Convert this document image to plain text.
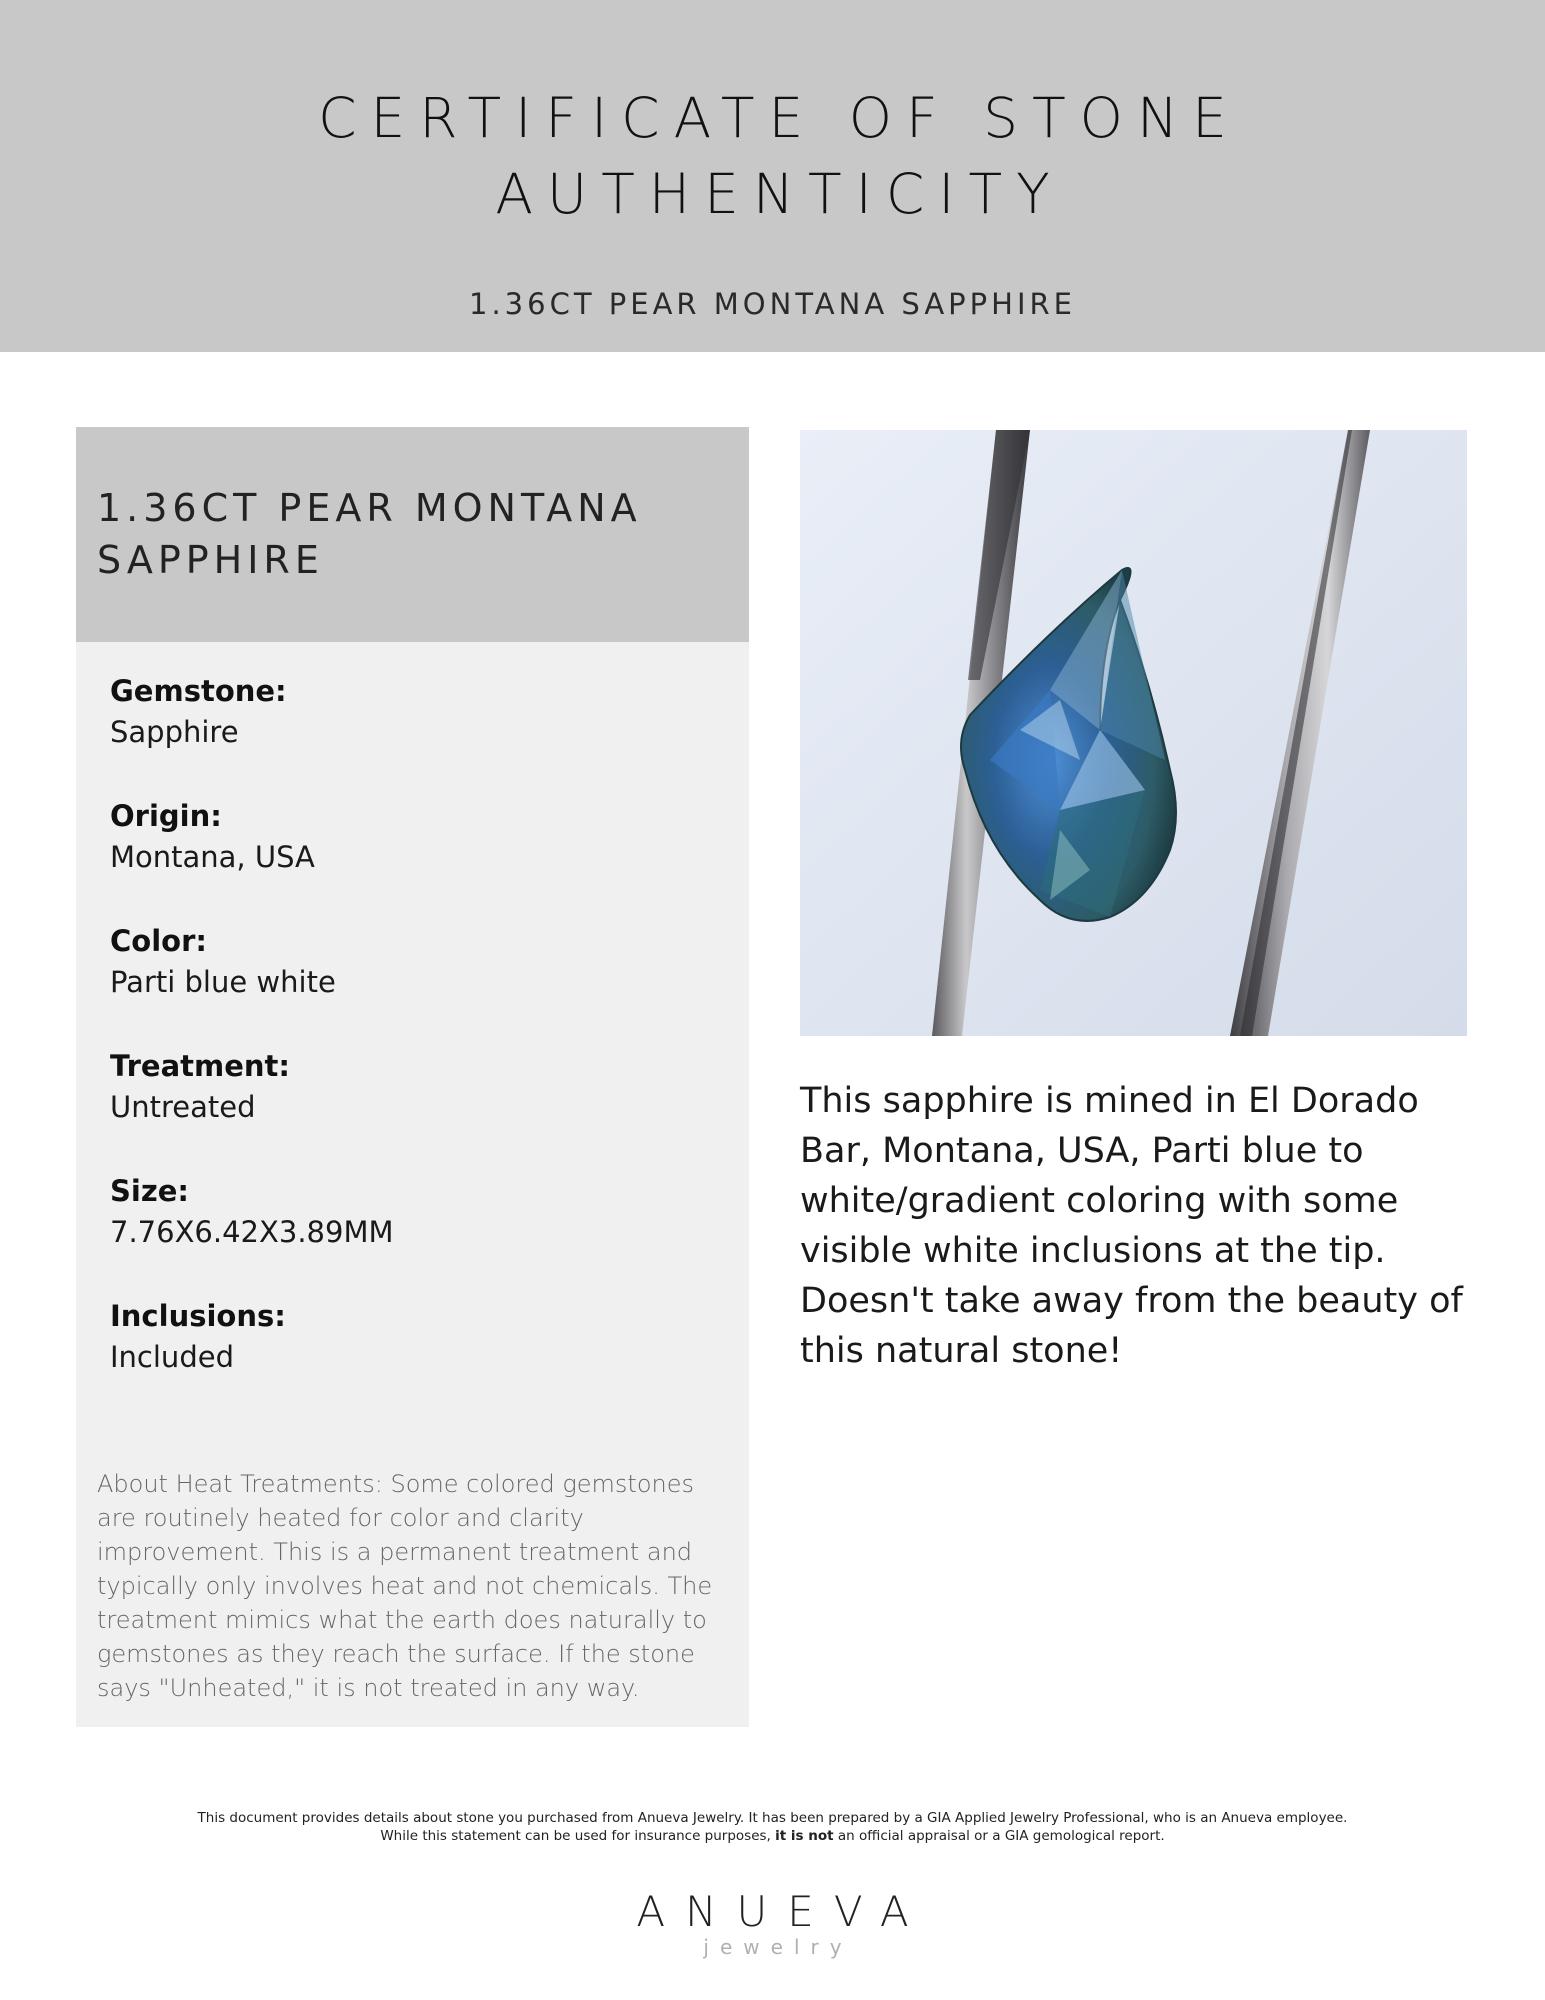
CERTIFICATE OF STONE
AUTHENTICITY
1.36CT PEAR MONTANA SAPPHIRE
1.36CT PEAR MONTANA
SAPPHIRE
Gemstone:
Sapphire
Origin:
Montana, USA
Color:
Parti blue white
Treatment:
Untreated
Size:
7.76X6.42X3.89MM
Inclusions:
Included
About Heat Treatments: Some colored gemstones are routinely heated for color and clarity improvement. This is a permanent treatment and typically only involves heat and not chemicals. The treatment mimics what the earth does naturally to gemstones as they reach the surface. If the stone says "Unheated," it is not treated in any way.
This sapphire is mined in El Dorado Bar, Montana, USA, Parti blue to white/gradient coloring with some visible white inclusions at the tip. Doesn't take away from the beauty of this natural stone!
This document provides details about stone you purchased from Anueva Jewelry. It has been prepared by a GIA Applied Jewelry Professional, who is an Anueva employee.
While this statement can be used for insurance purposes, it is not an official appraisal or a GIA gemological report.
ANUEVA
jewelry
